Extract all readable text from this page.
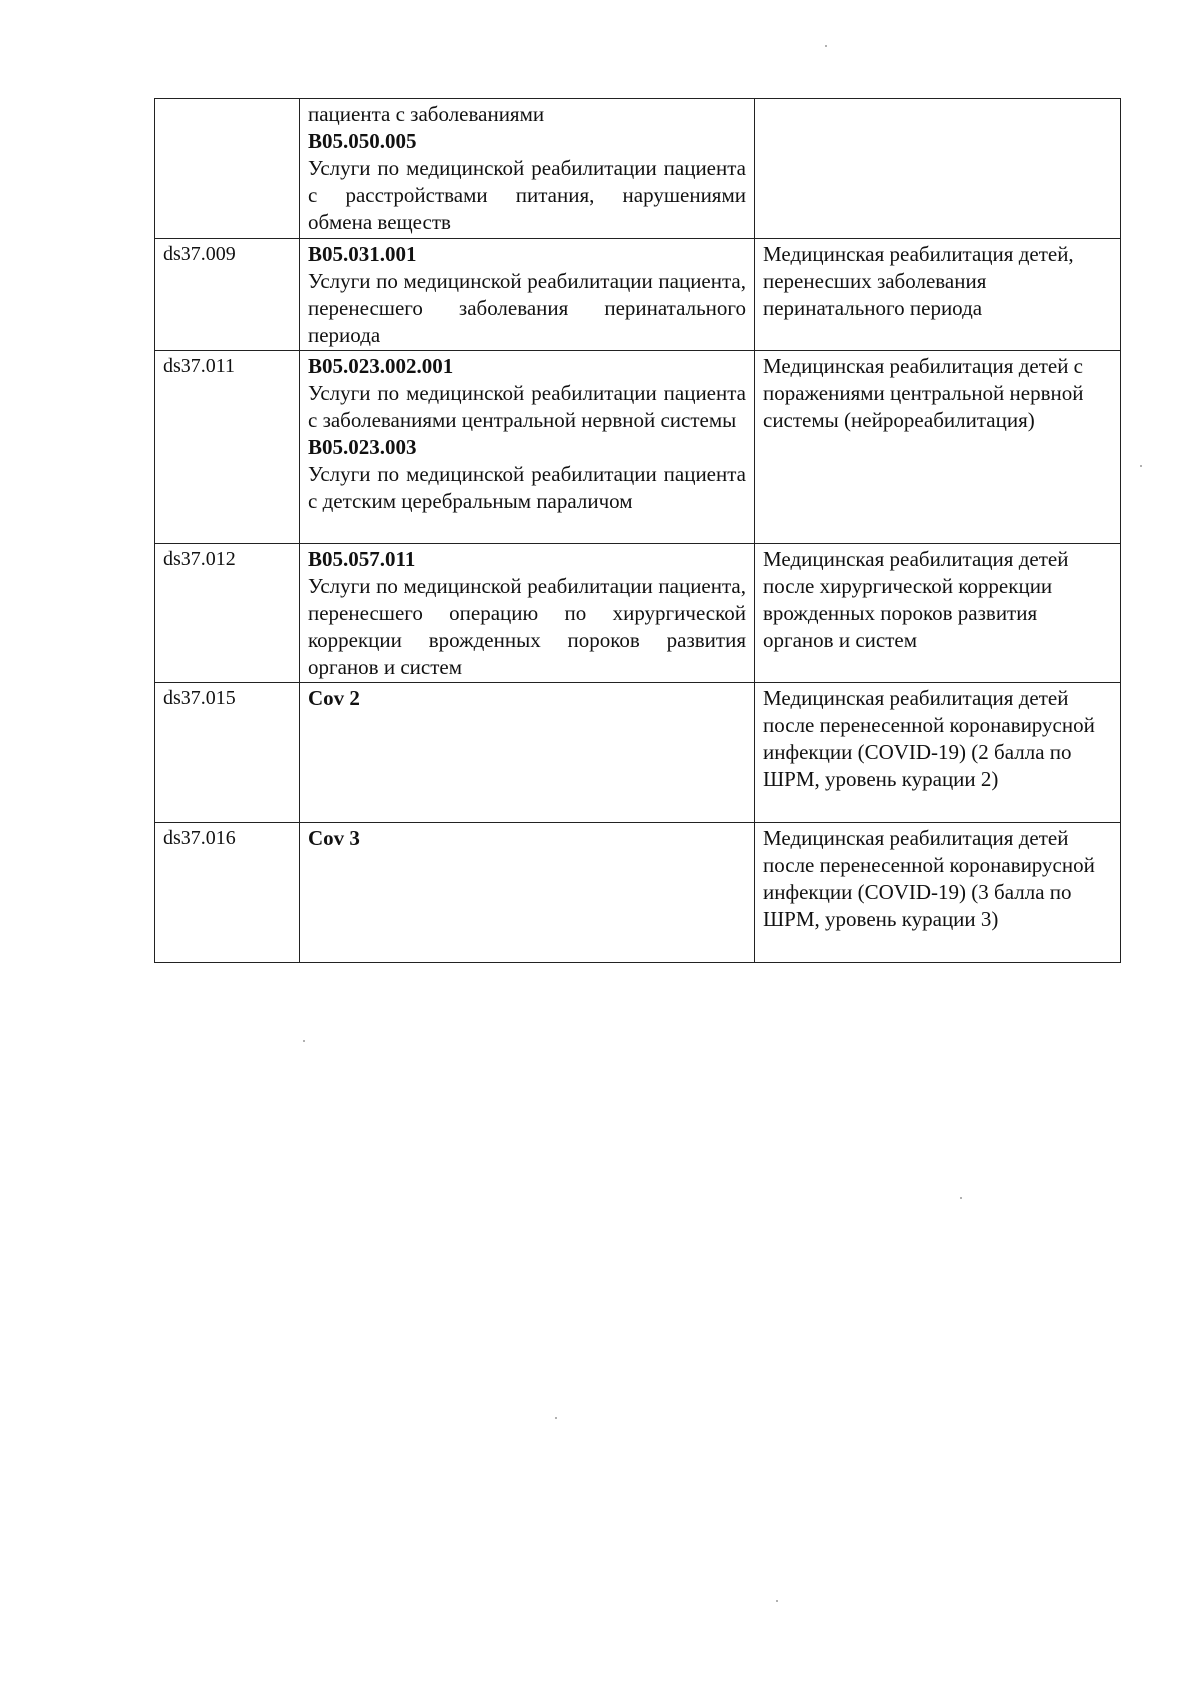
	пациента с заболеваниями
B05.050.005
Услуги по медицинской реабилитации пациента с расстройствами питания, нарушениями обмена веществ	

ds37.009	B05.031.001
Услуги по медицинской реабилитации пациента, перенесшего заболевания перинатального периода	Медицинская реабилитация детей, перенесших заболевания перинатального периода
ds37.011	B05.023.002.001
Услуги по медицинской реабилитации пациента с заболеваниями центральной нервной системы
B05.023.003
Услуги по медицинской реабилитации пациента с детским церебральным параличом	Медицинская реабилитация детей с поражениями центральной нервной системы (нейрореабилитация)
ds37.012	B05.057.011
Услуги по медицинской реабилитации пациента, перенесшего операцию по хирургической коррекции врожденных пороков развития органов и систем	Медицинская реабилитация детей после хирургической коррекции врожденных пороков развития органов и систем
ds37.015	Cov 2	Медицинская реабилитация детей после перенесенной коронавирусной инфекции (COVID-19) (2 балла по ШРМ, уровень курации 2)
ds37.016	Cov 3	Медицинская реабилитация детей после перенесенной коронавирусной инфекции (COVID-19) (3 балла по ШРМ, уровень курации 3)
